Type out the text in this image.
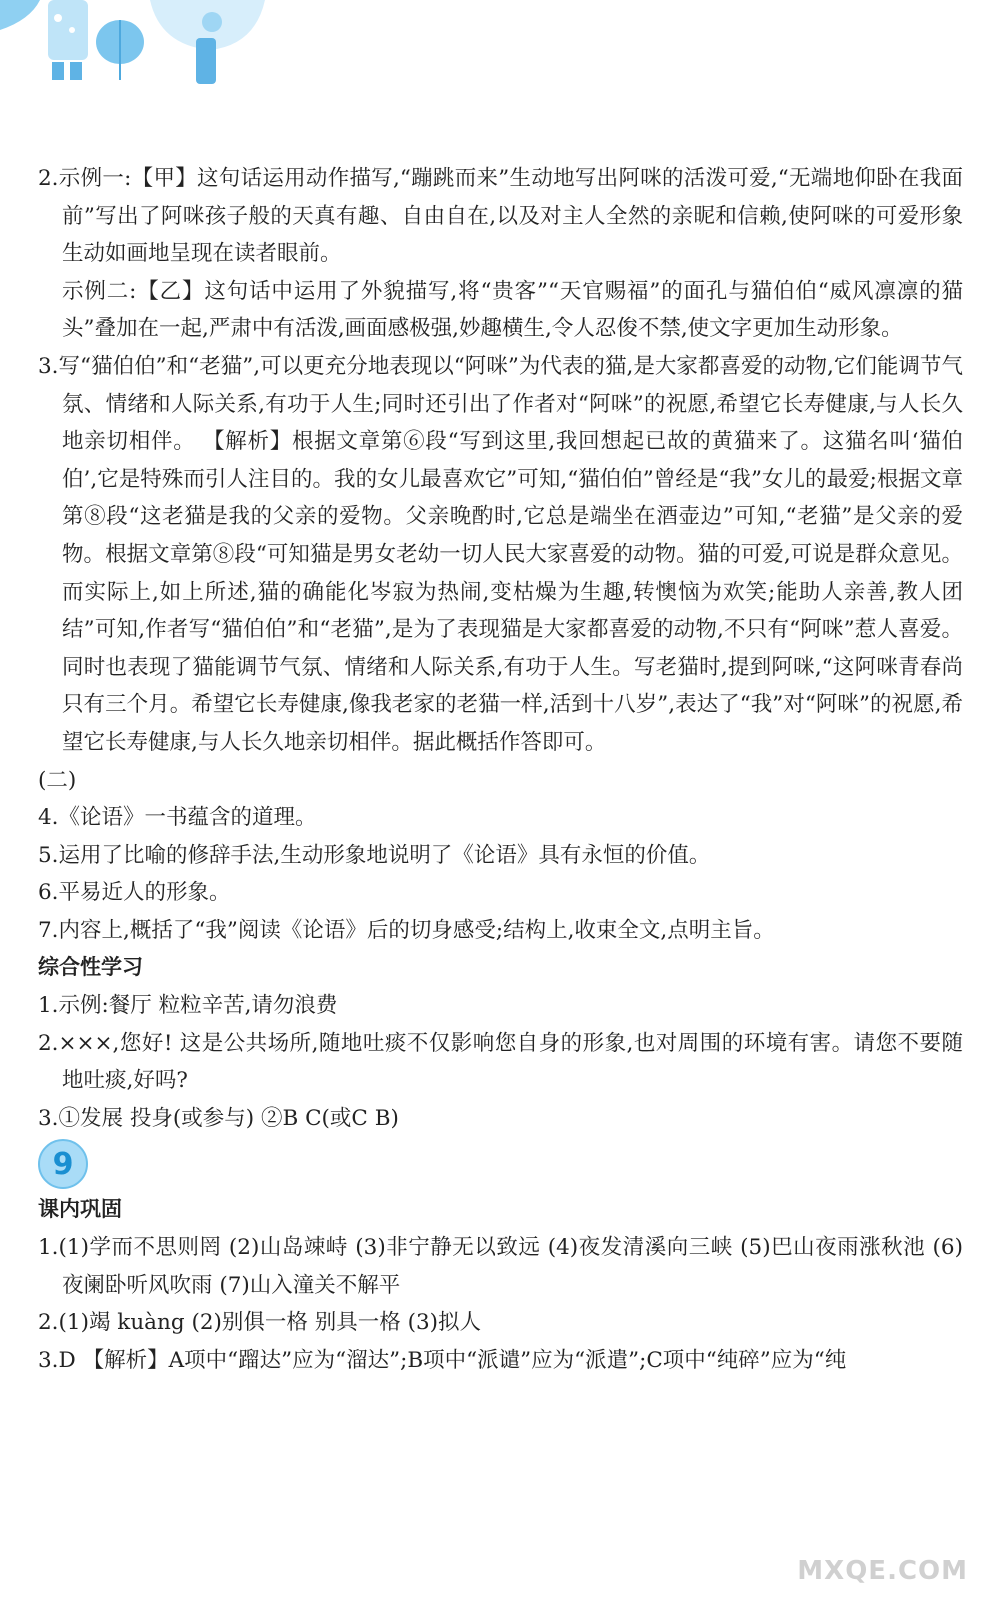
2.示例一:【甲】这句话运用动作描写,“蹦跳而来”生动地写出阿咪的活泼可爱,“无端地仰卧在我面前”写出了阿咪孩子般的天真有趣、自由自在,以及对主人全然的亲昵和信赖,使阿咪的可爱形象生动如画地呈现在读者眼前。

示例二:【乙】这句话中运用了外貌描写,将“贵客”“天官赐福”的面孔与猫伯伯“威风凛凛的猫头”叠加在一起,严肃中有活泼,画面感极强,妙趣横生,令人忍俊不禁,使文字更加生动形象。

3.写“猫伯伯”和“老猫”,可以更充分地表现以“阿咪”为代表的猫,是大家都喜爱的动物,它们能调节气氛、情绪和人际关系,有功于人生;同时还引出了作者对“阿咪”的祝愿,希望它长寿健康,与人长久地亲切相伴。 【解析】根据文章第⑥段“写到这里,我回想起已故的黄猫来了。这猫名叫‘猫伯伯’,它是特殊而引人注目的。我的女儿最喜欢它”可知,“猫伯伯”曾经是“我”女儿的最爱;根据文章第⑧段“这老猫是我的父亲的爱物。父亲晚酌时,它总是端坐在酒壶边”可知,“老猫”是父亲的爱物。根据文章第⑧段“可知猫是男女老幼一切人民大家喜爱的动物。猫的可爱,可说是群众意见。而实际上,如上所述,猫的确能化岑寂为热闹,变枯燥为生趣,转懊恼为欢笑;能助人亲善,教人团结”可知,作者写“猫伯伯”和“老猫”,是为了表现猫是大家都喜爱的动物,不只有“阿咪”惹人喜爱。同时也表现了猫能调节气氛、情绪和人际关系,有功于人生。写老猫时,提到阿咪,“这阿咪青春尚只有三个月。希望它长寿健康,像我老家的老猫一样,活到十八岁”,表达了“我”对“阿咪”的祝愿,希望它长寿健康,与人长久地亲切相伴。据此概括作答即可。

(二)

4.《论语》一书蕴含的道理。

5.运用了比喻的修辞手法,生动形象地说明了《论语》具有永恒的价值。

6.平易近人的形象。

7.内容上,概括了“我”阅读《论语》后的切身感受;结构上,收束全文,点明主旨。

综合性学习

1.示例:餐厅 粒粒辛苦,请勿浪费

2.×××,您好! 这是公共场所,随地吐痰不仅影响您自身的形象,也对周围的环境有害。请您不要随地吐痰,好吗?

3.①发展 投身(或参与) ②B C(或C B)

9

课内巩固

1.(1)学而不思则罔 (2)山岛竦峙 (3)非宁静无以致远 (4)夜发清溪向三峡 (5)巴山夜雨涨秋池 (6)夜阑卧听风吹雨 (7)山入潼关不解平

2.(1)竭 kuàng (2)别俱一格 别具一格 (3)拟人

3.D 【解析】A项中“蹓达”应为“溜达”;B项中“派谴”应为“派遣”;C项中“纯碎”应为“纯

MXQE.COM
